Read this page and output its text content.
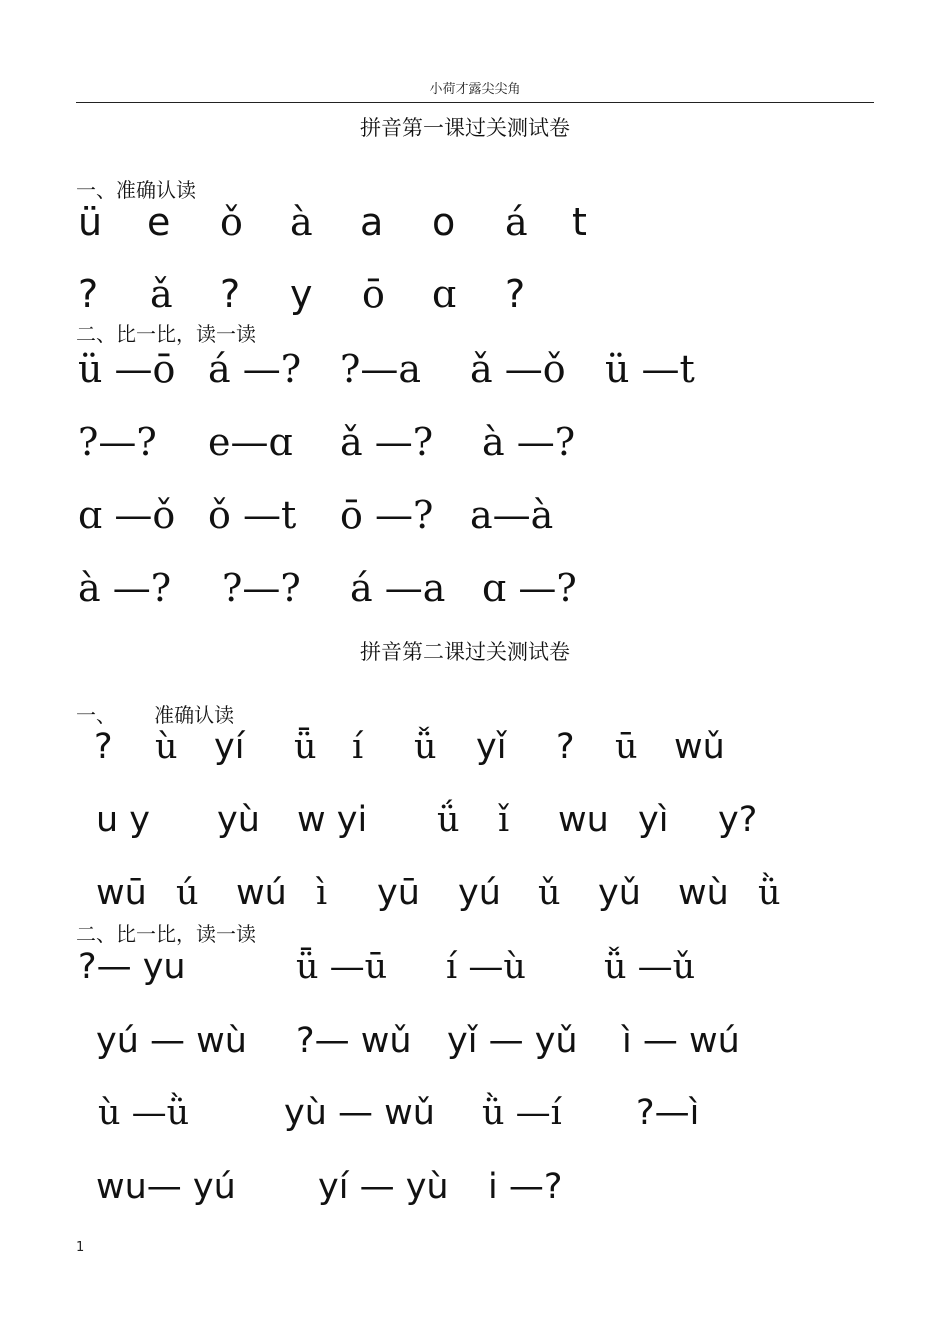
小荷才露尖尖角
拼音第一课过关测试卷
一、准确认读
ü e ǒ à a o á t
? ǎ ? y ō ɑ ?
二、比一比，读一读
ü —ō á —? ?—a ǎ —ǒ ü —t
?—? e—ɑ ǎ —? à —?
ɑ —ǒ ǒ —t ō —? a—à
à —? ?—? á —a ɑ —?
拼音第二课过关测试卷
一、      准确认读
? ù yí ǖ í ǚ yǐ ? ū wǔ
u y yù w yi ǘ ǐ wu yì y?
wū ú wú ì yū yú ǔ yǔ wù ǜ
二、比一比，读一读
?— yu	ǖ —ū í —ù ǚ —ǔ
yú — wù ?— wǔ yǐ — yǔ ì — wú
ù —ǜ	yù — wǔ ǜ —í ?—ì
wu— yú yí — yù i —?
1
